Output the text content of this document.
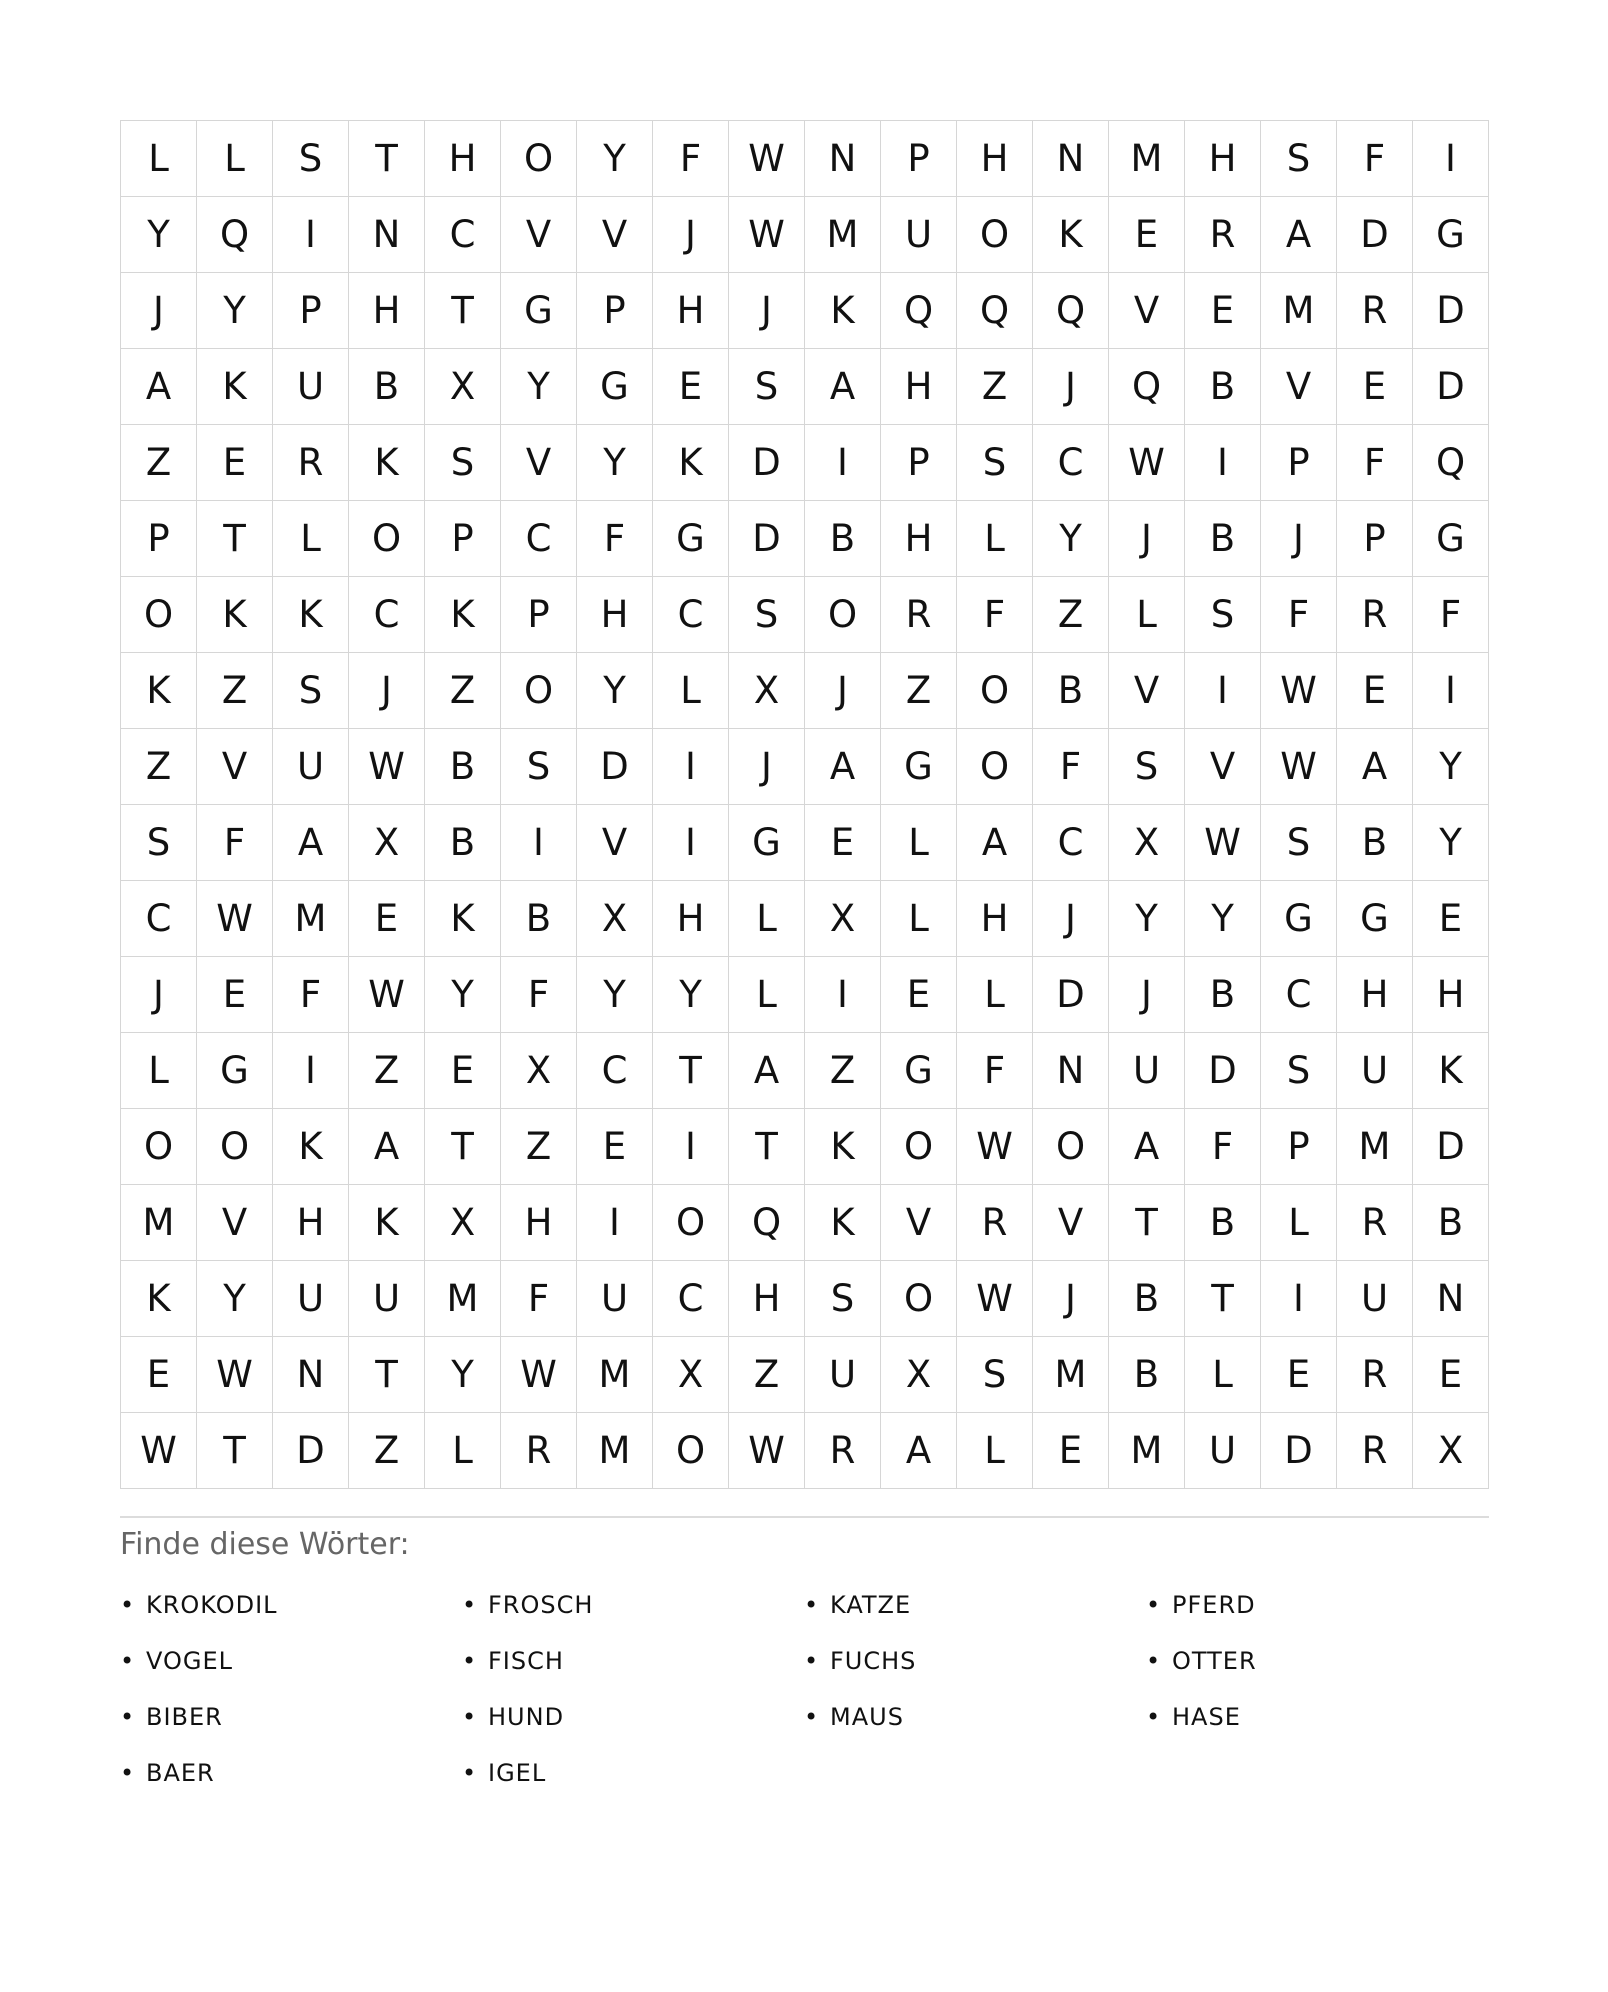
L	L	S	T	H	O	Y	F	W	N	P	H	N	M	H	S	F	I
Y	Q	I	N	C	V	V	J	W	M	U	O	K	E	R	A	D	G
J	Y	P	H	T	G	P	H	J	K	Q	Q	Q	V	E	M	R	D
A	K	U	B	X	Y	G	E	S	A	H	Z	J	Q	B	V	E	D
Z	E	R	K	S	V	Y	K	D	I	P	S	C	W	I	P	F	Q
P	T	L	O	P	C	F	G	D	B	H	L	Y	J	B	J	P	G
O	K	K	C	K	P	H	C	S	O	R	F	Z	L	S	F	R	F
K	Z	S	J	Z	O	Y	L	X	J	Z	O	B	V	I	W	E	I
Z	V	U	W	B	S	D	I	J	A	G	O	F	S	V	W	A	Y
S	F	A	X	B	I	V	I	G	E	L	A	C	X	W	S	B	Y
C	W	M	E	K	B	X	H	L	X	L	H	J	Y	Y	G	G	E
J	E	F	W	Y	F	Y	Y	L	I	E	L	D	J	B	C	H	H
L	G	I	Z	E	X	C	T	A	Z	G	F	N	U	D	S	U	K
O	O	K	A	T	Z	E	I	T	K	O	W	O	A	F	P	M	D
M	V	H	K	X	H	I	O	Q	K	V	R	V	T	B	L	R	B
K	Y	U	U	M	F	U	C	H	S	O	W	J	B	T	I	U	N
E	W	N	T	Y	W	M	X	Z	U	X	S	M	B	L	E	R	E
W	T	D	Z	L	R	M	O	W	R	A	L	E	M	U	D	R	X
Finde diese Wörter:
• KROKODIL	• FROSCH	• KATZE	• PFERD
• VOGEL	• FISCH	• FUCHS	• OTTER
• BIBER	• HUND	• MAUS	• HASE
• BAER	• IGEL
